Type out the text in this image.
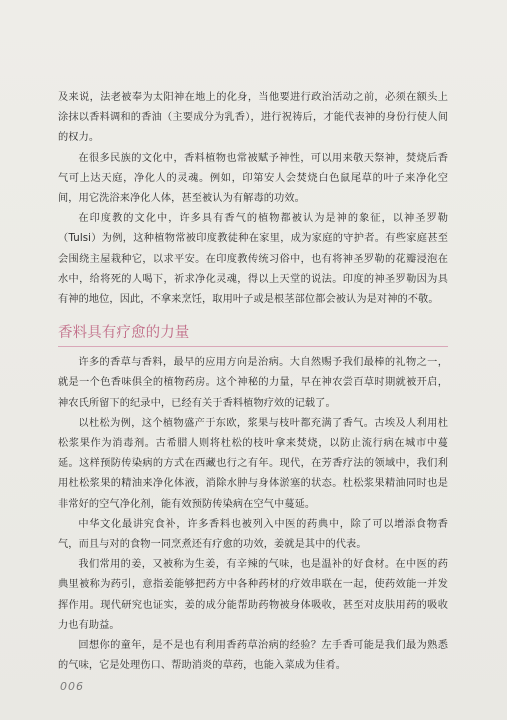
及来说，法老被奉为太阳神在地上的化身，当他要进行政治活动之前，必须在额头上涂抹以香料调和的香油（主要成分为乳香），进行祝祷后，才能代表神的身份行使人间的权力。

在很多民族的文化中，香料植物也常被赋予神性，可以用来敬天祭神，焚烧后香气可上达天庭，净化人的灵魂。例如，印第安人会焚烧白色鼠尾草的叶子来净化空间，用它洗浴来净化人体，甚至被认为有解毒的功效。

在印度教的文化中，许多具有香气的植物都被认为是神的象征，以神圣罗勒（Tulsi）为例，这种植物常被印度教徒种在家里，成为家庭的守护者。有些家庭甚至会围绕主屋栽种它，以求平安。在印度教传统习俗中，也有将神圣罗勒的花瓣浸泡在水中，给将死的人喝下，祈求净化灵魂，得以上天堂的说法。印度的神圣罗勒因为具有神的地位，因此，不拿来烹饪，取用叶子或是根茎部位都会被认为是对神的不敬。

香料具有疗愈的力量

许多的香草与香料，最早的应用方向是治病。大自然赐予我们最棒的礼物之一，就是一个色香味俱全的植物药房。这个神秘的力量，早在神农尝百草时期就被开启，神农氏所留下的纪录中，已经有关于香料植物疗效的记载了。

以杜松为例，这个植物盛产于东欧，浆果与枝叶都充满了香气。古埃及人利用杜松浆果作为消毒剂。古希腊人则将杜松的枝叶拿来焚烧，以防止流行病在城市中蔓延。这样预防传染病的方式在西藏也行之有年。现代，在芳香疗法的领域中，我们利用杜松浆果的精油来净化体液，消除水肿与身体淤塞的状态。杜松浆果精油同时也是非常好的空气净化剂，能有效预防传染病在空气中蔓延。

中华文化最讲究食补，许多香料也被列入中医的药典中，除了可以增添食物香气，而且与对的食物一同烹煮还有疗愈的功效，姜就是其中的代表。

我们常用的姜，又被称为生姜，有辛辣的气味，也是温补的好食材。在中医的药典里被称为药引，意指姜能够把药方中各种药材的疗效串联在一起，使药效能一并发挥作用。现代研究也证实，姜的成分能帮助药物被身体吸收，甚至对皮肤用药的吸收力也有助益。

回想你的童年，是不是也有利用香药草治病的经验？左手香可能是我们最为熟悉的气味，它是处理伤口、帮助消炎的草药，也能入菜成为佳肴。

006
